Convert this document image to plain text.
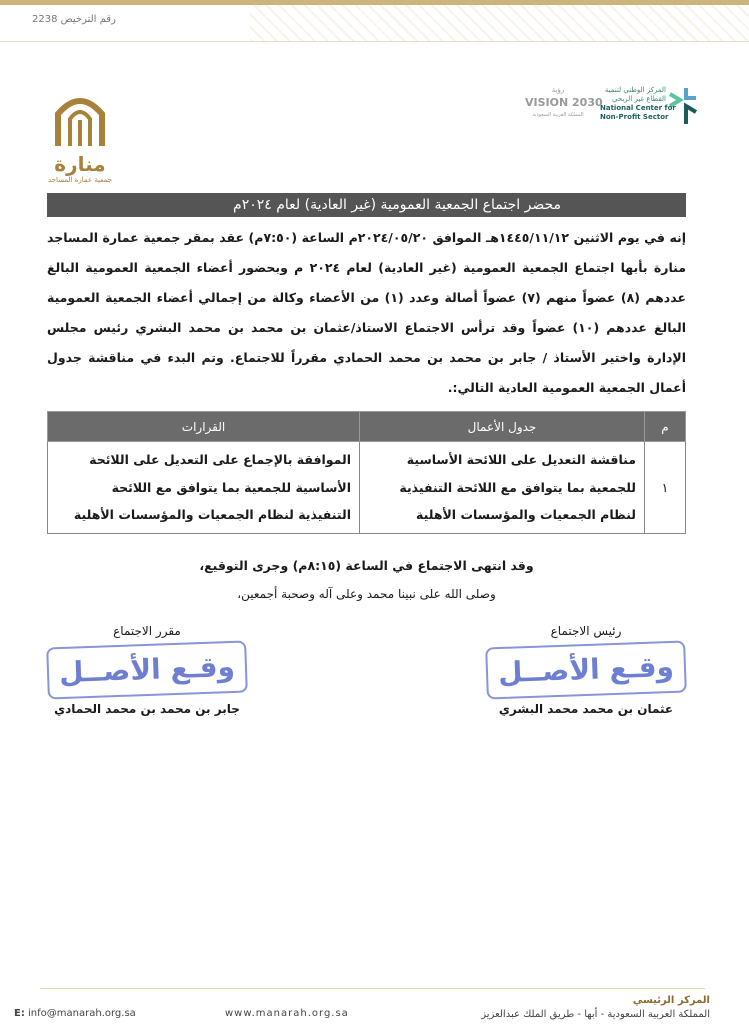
رقم الترخيص 2238
المركز الوطني لتنمية
القطاع غير الربحي
National Center for
Non-Profit Sector
رؤية
VISION 2030
المملكة العربية السعودية
منارة
جمعية عمارة المساجد
محضر اجتماع الجمعية العمومية (غير العادية) لعام ٢٠٢٤م
إنه في يوم الاثنين ١٤٤٥/١١/١٢هـ الموافق ٢٠٢٤/٠٥/٢٠م الساعة (٧:٥٠م) عقد بمقر جمعية عمارة المساجد منارة بأبها اجتماع الجمعية العمومية (غير العادية) لعام ٢٠٢٤ م وبحضور أعضاء الجمعية العمومية البالغ عددهم (٨) عضواً منهم (٧) عضواً أصالة وعدد (١) من الأعضاء وكالة من إجمالي أعضاء الجمعية العمومية البالغ عددهم (١٠) عضواً وقد ترأس الاجتماع الاستاذ/عثمان بن محمد بن محمد البشري رئيس مجلس الإدارة واختير الأستاذ / جابر بن محمد بن محمد الحمادي مقرراً للاجتماع. وتم البدء في مناقشة جدول أعمال الجمعية العمومية العادية التالي:.
م	جدول الأعمال	القرارات
١	مناقشة التعديل على اللائحة الأساسية للجمعية بما يتوافق مع اللائحة التنفيذية لنظام الجمعيات والمؤسسات الأهلية	الموافقة بالإجماع على التعديل على اللائحة الأساسية للجمعية بما يتوافق مع اللائحة التنفيذية لنظام الجمعيات والمؤسسات الأهلية
وقد انتهى الاجتماع في الساعة (٨:١٥م) وجرى التوقيع،
وصلى الله على نبينا محمد وعلى آله وصحبة أجمعين،
مقرر الاجتماع
وقـع الأصــل
جابر بن محمد بن محمد الحمادي
رئيس الاجتماع
وقـع الأصــل
عثمان بن محمد محمد البشري
المركز الرئيسي
المملكة العربية السعودية - أبها - طريق الملك عبدالعزيز
www.manarah.org.sa
E: info@manarah.org.sa
